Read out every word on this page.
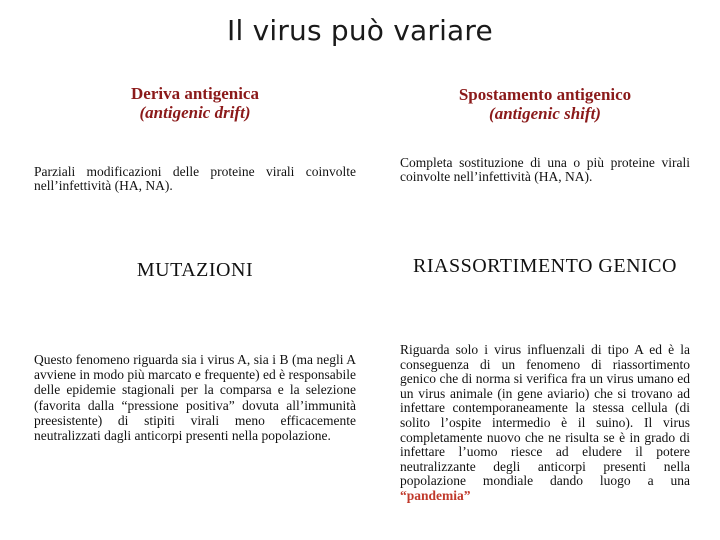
Il virus può variare
Deriva antigenica
(antigenic drift)
Parziali modificazioni delle proteine virali coinvolte nell’infettività (HA, NA).
MUTAZIONI
Questo fenomeno riguarda sia i virus A, sia i B (ma negli A avviene in modo più marcato e frequente) ed è responsabile delle epidemie stagionali per la comparsa e la selezione (favorita dalla “pressione positiva” dovuta all’immunità preesistente) di stipiti virali meno efficacemente neutralizzati dagli anticorpi presenti nella popolazione.
Spostamento antigenico
(antigenic shift)
Completa sostituzione di una o più proteine virali coinvolte nell’infettività (HA, NA).
RIASSORTIMENTO GENICO
Riguarda solo i virus influenzali di tipo A ed è la conseguenza di un fenomeno di riassortimento genico che di norma si verifica fra un virus umano ed un virus animale (in gene aviario) che si trovano ad infettare contemporaneamente la stessa cellula (di solito l’ospite intermedio è il suino). Il virus completamente nuovo che ne risulta se è in grado di infettare l’uomo riesce ad eludere il potere neutralizzante degli anticorpi presenti nella popolazione mondiale dando luogo a una “pandemia”
